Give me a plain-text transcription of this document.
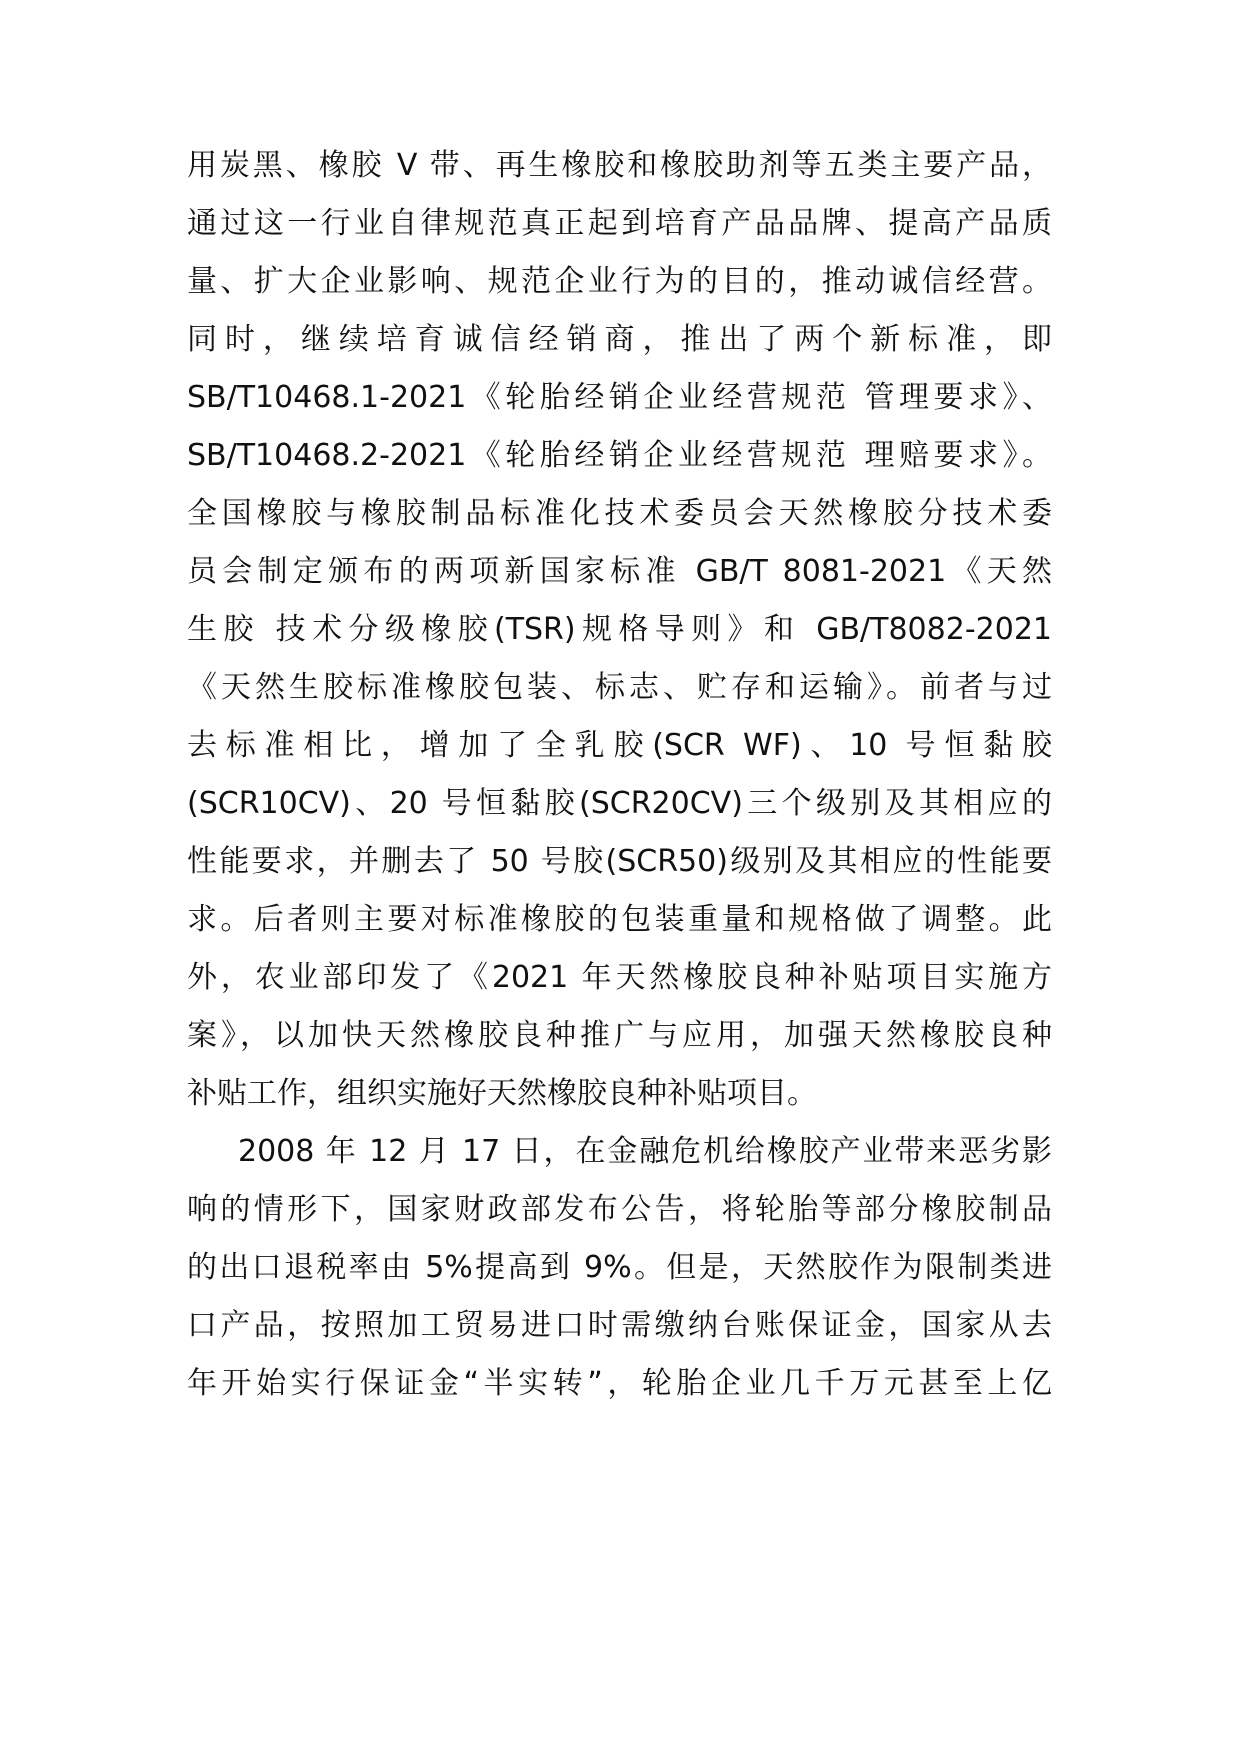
用炭黑、橡胶 V 带、再生橡胶和橡胶助剂等五类主要产品，
通过这一行业自律规范真正起到培育产品品牌、提高产品质
量、扩大企业影响、规范企业行为的目的，推动诚信经营。
同时，继续培育诚信经销商，推出了两个新标准，即
SB/T10468.1-2021《轮胎经销企业经营规范 管理要求》、
SB/T10468.2-2021《轮胎经销企业经营规范 理赔要求》。
全国橡胶与橡胶制品标准化技术委员会天然橡胶分技术委
员会制定颁布的两项新国家标准 GB/T 8081-2021《天然
生胶 技术分级橡胶(TSR)规格导则》和 GB/T8082-2021
《天然生胶标准橡胶包装、标志、贮存和运输》。前者与过
去标准相比，增加了全乳胶(SCR WF)、10 号恒黏胶
(SCR10CV)、20 号恒黏胶(SCR20CV)三个级别及其相应的
性能要求，并删去了 50 号胶(SCR50)级别及其相应的性能要
求。后者则主要对标准橡胶的包装重量和规格做了调整。此
外，农业部印发了《2021 年天然橡胶良种补贴项目实施方
案》，以加快天然橡胶良种推广与应用，加强天然橡胶良种
补贴工作，组织实施好天然橡胶良种补贴项目。
2008 年 12 月 17 日，在金融危机给橡胶产业带来恶劣影
响的情形下，国家财政部发布公告，将轮胎等部分橡胶制品
的出口退税率由 5%提高到 9%。但是，天然胶作为限制类进
口产品，按照加工贸易进口时需缴纳台账保证金，国家从去
年开始实行保证金“半实转”，轮胎企业几千万元甚至上亿
